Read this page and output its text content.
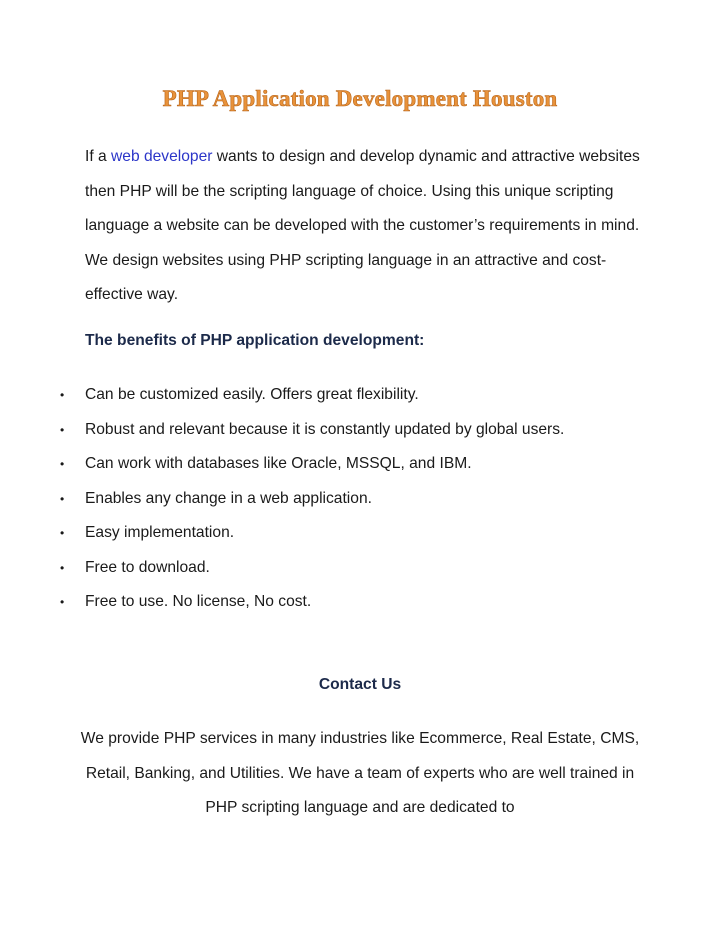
PHP Application Development Houston

If a web developer wants to design and develop dynamic and attractive websites then PHP will be the scripting language of choice. Using this unique scripting language a website can be developed with the customer’s requirements in mind. We design websites using PHP scripting language in an attractive and cost-effective way.

The benefits of PHP application development:
• Can be customized easily. Offers great flexibility.
• Robust and relevant because it is constantly updated by global users.
• Can work with databases like Oracle, MSSQL, and IBM.
• Enables any change in a web application.
• Easy implementation.
• Free to download.
• Free to use. No license, No cost.
Contact Us

We provide PHP services in many industries like Ecommerce, Real Estate, CMS, Retail, Banking, and Utilities. We have a team of experts who are well trained in PHP scripting language and are dedicated to
